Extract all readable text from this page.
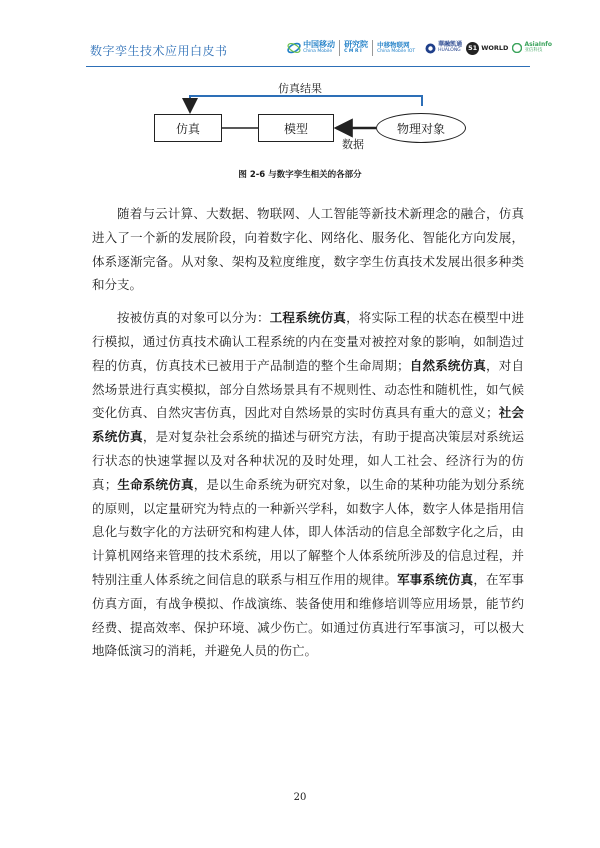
数字孪生技术应用白皮书	中国移动
China Mobile
研究院
C M R I
中移物联网
China Mobile IOT
華融凯通
HUALONG	51 WORLD	AsiaInfo
亚信科技
仿真结果
仿真	模型	物理对象
数据
图 2-6 与数字孪生相关的各部分

随着与云计算、大数据、物联网、人工智能等新技术新理念的融合，仿真进入了一个新的发展阶段，向着数字化、网络化、服务化、智能化方向发展，体系逐渐完备。从对象、架构及粒度维度，数字孪生仿真技术发展出很多种类和分支。

按被仿真的对象可以分为：工程系统仿真，将实际工程的状态在模型中进行模拟，通过仿真技术确认工程系统的内在变量对被控对象的影响，如制造过程的仿真，仿真技术已被用于产品制造的整个生命周期；自然系统仿真，对自然场景进行真实模拟，部分自然场景具有不规则性、动态性和随机性，如气候变化仿真、自然灾害仿真，因此对自然场景的实时仿真具有重大的意义；社会系统仿真，是对复杂社会系统的描述与研究方法，有助于提高决策层对系统运行状态的快速掌握以及对各种状况的及时处理，如人工社会、经济行为的仿真；生命系统仿真，是以生命系统为研究对象，以生命的某种功能为划分系统的原则，以定量研究为特点的一种新兴学科，如数字人体，数字人体是指用信息化与数字化的方法研究和构建人体，即人体活动的信息全部数字化之后，由计算机网络来管理的技术系统，用以了解整个人体系统所涉及的信息过程，并特别注重人体系统之间信息的联系与相互作用的规律。军事系统仿真，在军事仿真方面，有战争模拟、作战演练、装备使用和维修培训等应用场景，能节约经费、提高效率、保护环境、减少伤亡。如通过仿真进行军事演习，可以极大地降低演习的消耗，并避免人员的伤亡。

20
